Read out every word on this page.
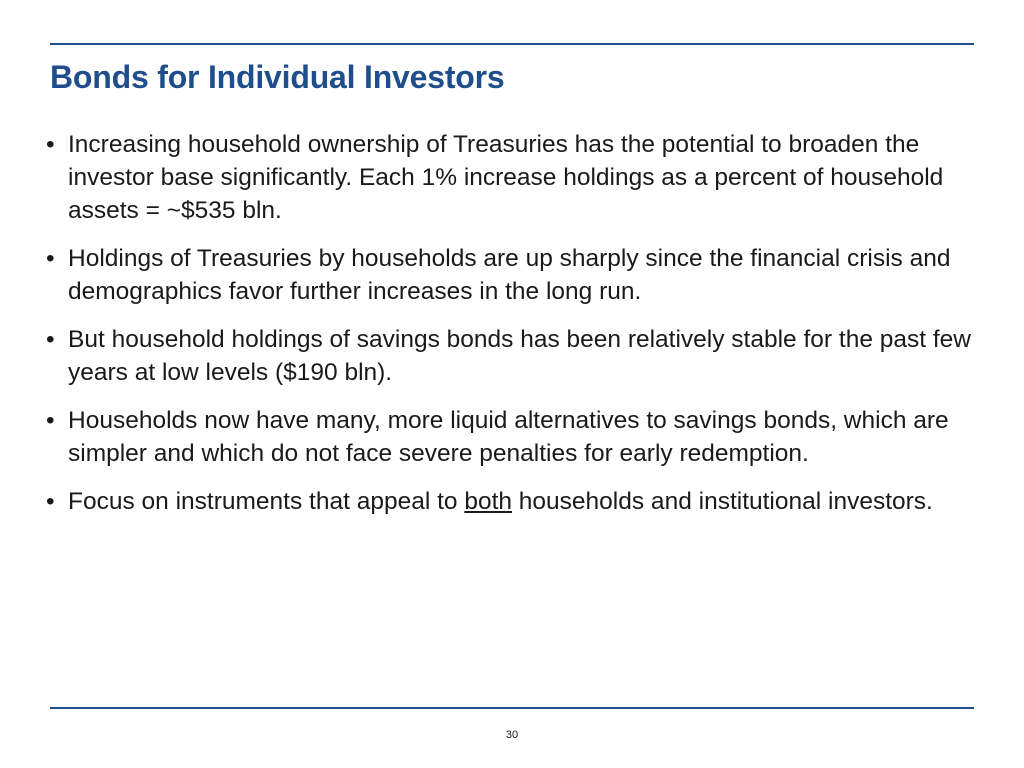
Bonds for Individual Investors
• Increasing household ownership of Treasuries has the potential to broaden the investor base significantly. Each 1% increase holdings as a percent of household assets = ~$535 bln.
• Holdings of Treasuries by households are up sharply since the financial crisis and demographics favor further increases in the long run.
• But household holdings of savings bonds has been relatively stable for the past few years at low levels ($190 bln).
• Households now have many, more liquid alternatives to savings bonds, which are simpler and which do not face severe penalties for early redemption.
• Focus on instruments that appeal to both households and institutional investors.
30
